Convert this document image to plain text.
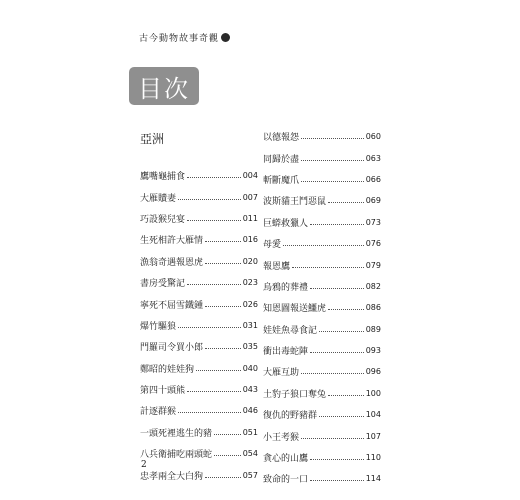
古今動物故事奇觀
目次
亞洲
鷹嘴龜捕食	004
大雁贖妻	007
巧設猴兒宴	011
生死相許大雁情	016
漁翁奇遇報恩虎	020
書房受驚記	023
寧死不屈雪鐵鍾	026
爆竹驅狼	031
門羅司令買小郎	035
鄭昭的娃娃狗	040
第四十頭熊	043
計逐群猴	046
一頭死裡逃生的豬	051
八兵衛捕吃兩頭蛇	054
忠孝兩全大白狗	057
以德報怨	060
同歸於盡	063
斬斷魔爪	066
波斯貓王鬥惡鼠	069
巨蟒救獵人	073
母愛	076
報恩鷹	079
烏鴉的葬禮	082
知恩圖報送鱷虎	086
娃娃魚尋食記	089
衝出毒蛇陣	093
大雁互助	096
土豹子狼口奪兔	100
復仇的野豬群	104
小王考猴	107
貪心的山鷹	110
致命的一口	114
2
